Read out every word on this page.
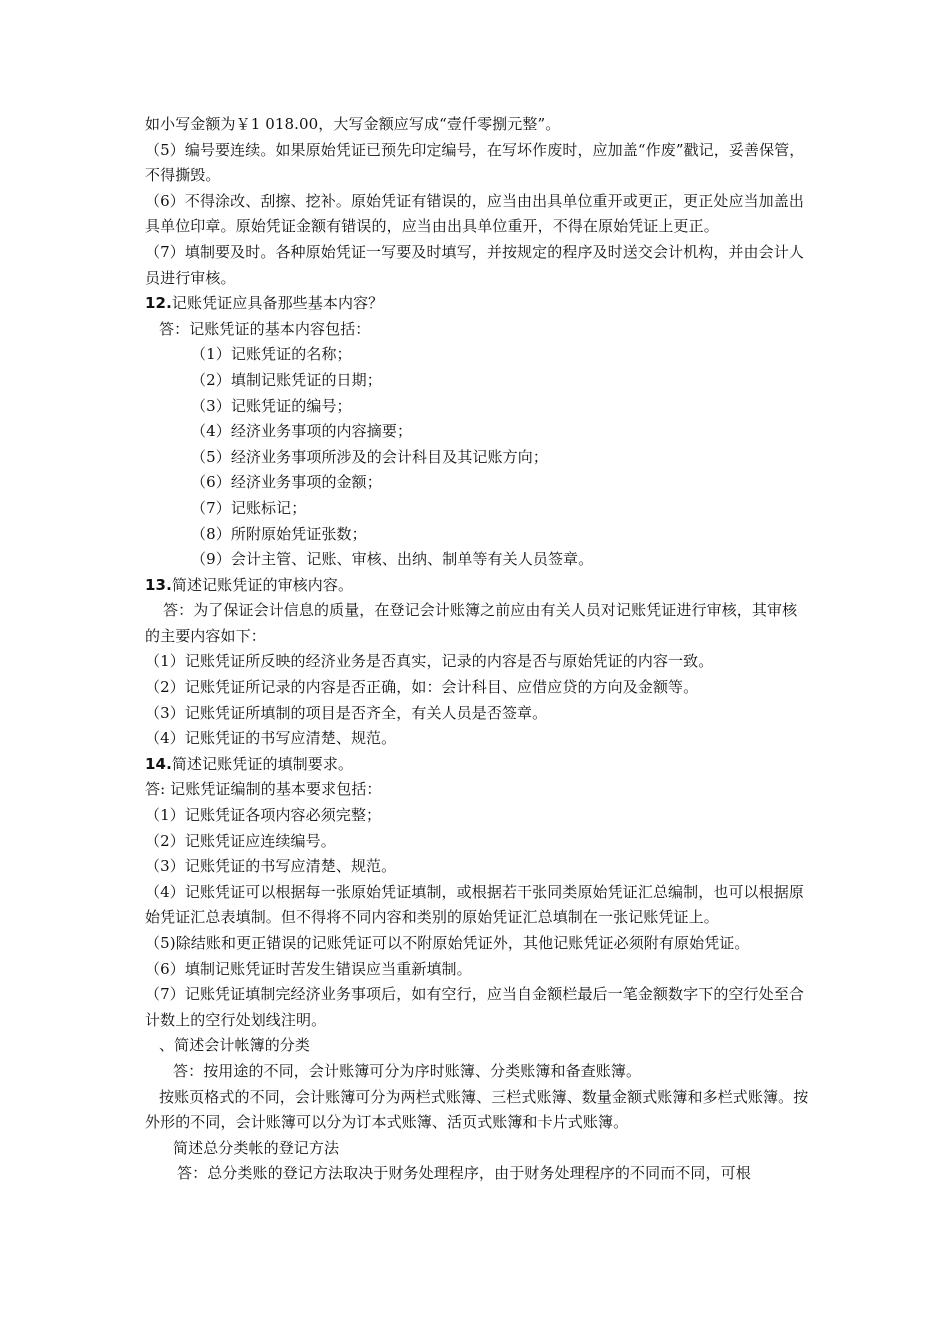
如小写金额为￥1 018.00，大写金额应写成“壹仟零捌元整”。

（5）编号要连续。如果原始凭证已预先印定编号，在写坏作废时，应加盖“作废”戳记，妥善保管，不得撕毁。

（6）不得涂改、刮擦、挖补。原始凭证有错误的，应当由出具单位重开或更正，更正处应当加盖出具单位印章。原始凭证金额有错误的，应当由出具单位重开，不得在原始凭证上更正。

（7）填制要及时。各种原始凭证一写要及时填写，并按规定的程序及时送交会计机构，并由会计人员进行审核。

12.记账凭证应具备那些基本内容？

答：记账凭证的基本内容包括：

（1）记账凭证的名称；

（2）填制记账凭证的日期；

（3）记账凭证的编号；

（4）经济业务事项的内容摘要；

（5）经济业务事项所涉及的会计科目及其记账方向；

（6）经济业务事项的金额；

（7）记账标记；

（8）所附原始凭证张数；

（9）会计主管、记账、审核、出纳、制单等有关人员签章。

13.简述记账凭证的审核内容。

答：为了保证会计信息的质量，在登记会计账簿之前应由有关人员对记账凭证进行审核，其审核的主要内容如下：

（1）记账凭证所反映的经济业务是否真实，记录的内容是否与原始凭证的内容一致。

（2）记账凭证所记录的内容是否正确，如：会计科目、应借应贷的方向及金额等。

（3）记账凭证所填制的项目是否齐全，有关人员是否签章。

（4）记账凭证的书写应清楚、规范。

14.简述记账凭证的填制要求。

答: 记账凭证编制的基本要求包括：

（1）记账凭证各项内容必须完整；

（2）记账凭证应连续编号。

（3）记账凭证的书写应清楚、规范。

（4）记账凭证可以根据每一张原始凭证填制，或根据若干张同类原始凭证汇总编制，也可以根据原始凭证汇总表填制。但不得将不同内容和类别的原始凭证汇总填制在一张记账凭证上。

（5)除结账和更正错误的记账凭证可以不附原始凭证外，其他记账凭证必须附有原始凭证。

（6）填制记账凭证时苦发生错误应当重新填制。

（7）记账凭证填制完经济业务事项后，如有空行，应当自金额栏最后一笔金额数字下的空行处至合计数上的空行处划线注明。

、简述会计帐簿的分类

答：按用途的不同，会计账簿可分为序时账簿、分类账簿和备查账簿。

按账页格式的不同，会计账簿可分为两栏式账簿、三栏式账簿、数量金额式账簿和多栏式账簿。按外形的不同，会计账簿可以分为订本式账簿、活页式账簿和卡片式账簿。

简述总分类帐的登记方法

答：总分类账的登记方法取决于财务处理程序，由于财务处理程序的不同而不同，可根
